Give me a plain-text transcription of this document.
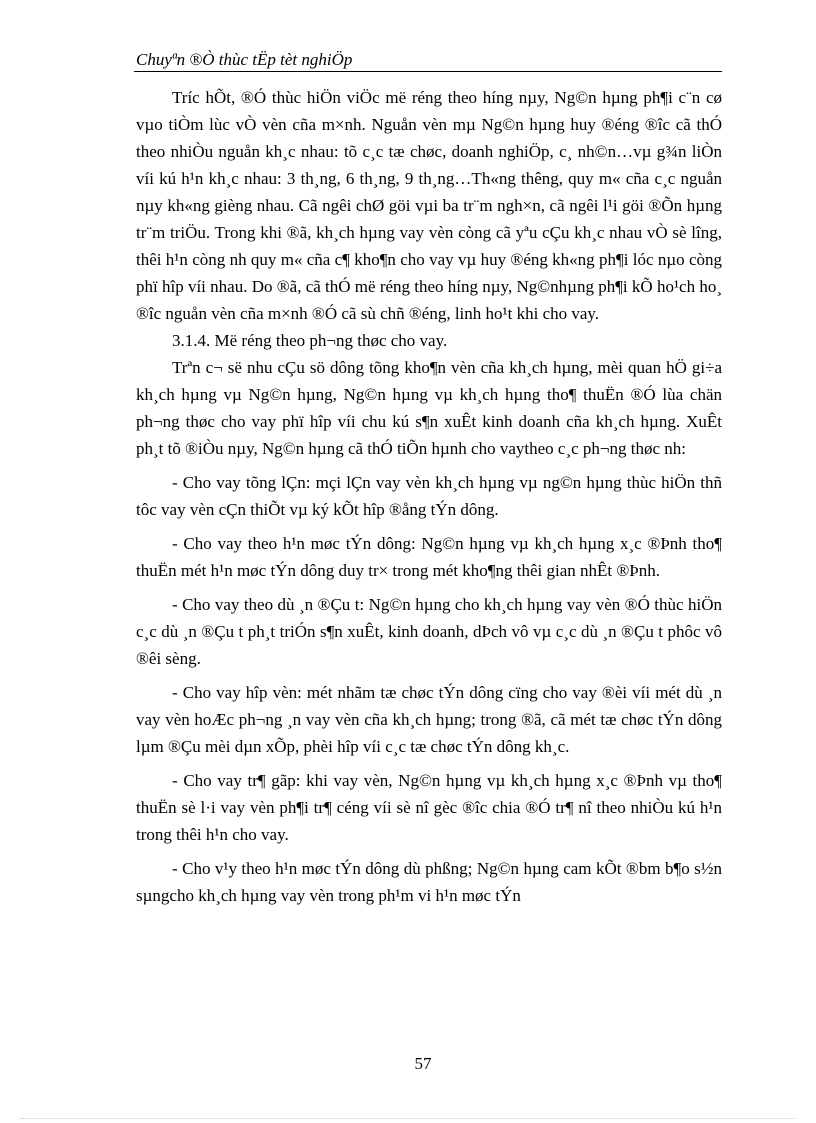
Chuyªn ®Ò thùc tËp tèt nghiÖp

Tríc hÕt, ®Ó thùc hiÖn viÖc më réng theo híng nµy, Ng©n hµng ph¶i c¨n cø vµo tiÒm lùc vÒ vèn cña m×nh. Nguån vèn mµ Ng©n hµng huy ®éng ®îc cã thÓ theo nhiÒu nguån kh¸c nhau: tõ c¸c tæ chøc, doanh nghiÖp, c¸ nh©n…vµ g¾n liÒn víi kú h¹n kh¸c nhau: 3 th¸ng, 6 th¸ng, 9 th¸ng…Th«ng thêng, quy m« cña c¸c nguån nµy kh«ng gièng nhau. Cã ngêi chØ göi vµi ba tr¨m ngh×n, cã ngêi l¹i göi ®Õn hµng tr¨m triÖu. Trong khi ®ã, kh¸ch hµng vay vèn còng cã yªu cÇu kh¸c nhau vÒ sè lîng, thêi h¹n còng nh quy m« cña c¶ kho¶n cho vay vµ huy ®éng kh«ng ph¶i lóc nµo còng phï hîp víi nhau. Do ®ã, cã thÓ më réng theo híng nµy, Ng©nhµng ph¶i kÕ ho¹ch ho¸ ®îc nguån vèn cña m×nh ®Ó cã sù chñ ®éng, linh ho¹t khi cho vay.

3.1.4. Më réng theo ph¬ng thøc cho vay.

Trªn c¬ së nhu cÇu sö dông tõng kho¶n vèn cña kh¸ch hµng, mèi quan hÖ gi÷a kh¸ch hµng vµ Ng©n hµng, Ng©n hµng vµ kh¸ch hµng tho¶ thuËn ®Ó lùa chän ph¬ng thøc cho vay phï hîp víi chu kú s¶n xuÊt kinh doanh cña kh¸ch hµng. XuÊt ph¸t tõ ®iÒu nµy, Ng©n hµng cã thÓ tiÕn hµnh cho vaytheo c¸c ph¬ng thøc nh:

- Cho vay tõng lÇn: mçi lÇn vay vèn kh¸ch hµng vµ ng©n hµng thùc hiÖn thñ tôc vay vèn cÇn thiÕt vµ ký kÕt hîp ®ång tÝn dông.

- Cho vay theo h¹n møc tÝn dông: Ng©n hµng vµ kh¸ch hµng x¸c ®Þnh tho¶ thuËn mét h¹n møc tÝn dông duy tr× trong mét kho¶ng thêi gian nhÊt ®Þnh.

- Cho vay theo dù ¸n ®Çu t: Ng©n hµng cho kh¸ch hµng vay vèn ®Ó thùc hiÖn c¸c dù ¸n ®Çu t ph¸t triÓn s¶n xuÊt, kinh doanh, dÞch vô vµ c¸c dù ¸n ®Çu t phôc vô ®êi sèng.

- Cho vay hîp vèn: mét nhãm tæ chøc tÝn dông cïng cho vay ®èi víi mét dù ¸n vay vèn hoÆc ph¬ng ¸n vay vèn cña kh¸ch hµng; trong ®ã, cã mét tæ chøc tÝn dông lµm ®Çu mèi dµn xÕp, phèi hîp víi c¸c tæ chøc tÝn dông kh¸c.

- Cho vay tr¶ gãp: khi vay vèn, Ng©n hµng vµ kh¸ch hµng x¸c ®Þnh vµ tho¶ thuËn sè l·i vay vèn ph¶i tr¶ céng víi sè nî gèc ®îc chia ®Ó tr¶ nî theo nhiÒu kú h¹n trong thêi h¹n cho vay.

- Cho v¹y theo h¹n møc tÝn dông dù phßng; Ng©n hµng cam kÕt ®bm b¶o s½n sµngcho kh¸ch hµng vay vèn trong ph¹m vi h¹n møc tÝn

57
